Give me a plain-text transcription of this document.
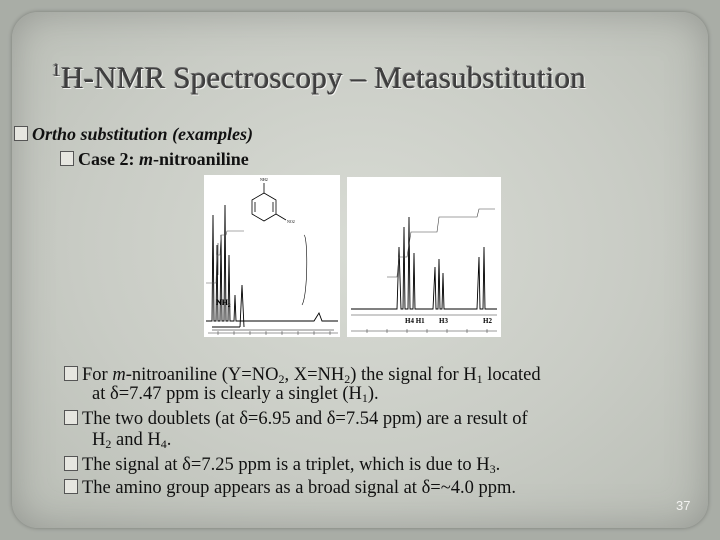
$^1$H-NMR Spectroscopy – Metasubstitution
Ortho substitution (examples)
Case 2: m-nitroaniline
NH2
NO2
$NH_2$
H4 H1 H3	H2
For m-nitroaniline ($Y=NO_2$, $X=NH_2$) the signal for $H_1$ located
at δ=7.47 ppm is clearly a singlet $(H_1)$.
The two doublets (at δ=6.95 and δ=7.54 ppm) are a result of
$H_2$ and $H_4$.
The signal at δ=7.25 ppm is a triplet, which is due to $H_3$.
The amino group appears as a broad signal at δ=~4.0 ppm.
37
